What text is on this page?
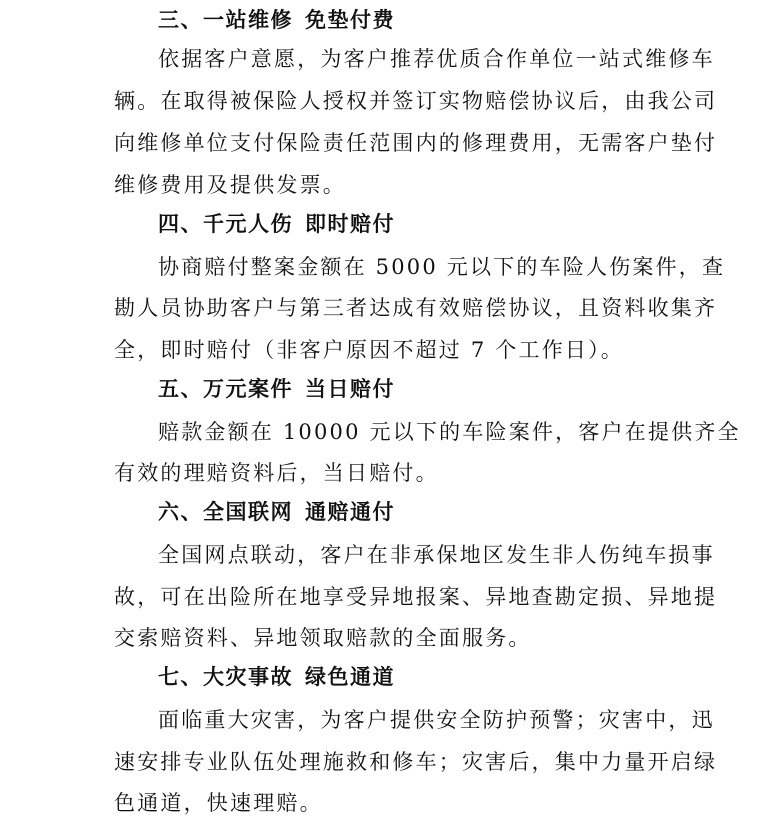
三、一站维修 免垫付费
依据客户意愿，为客户推荐优质合作单位一站式维修车
辆。在取得被保险人授权并签订实物赔偿协议后，由我公司
向维修单位支付保险责任范围内的修理费用，无需客户垫付
维修费用及提供发票。
四、千元人伤 即时赔付
协商赔付整案金额在 5000 元以下的车险人伤案件，查
勘人员协助客户与第三者达成有效赔偿协议，且资料收集齐
全，即时赔付（非客户原因不超过 7 个工作日）。
五、万元案件 当日赔付
赔款金额在 10000 元以下的车险案件，客户在提供齐全
有效的理赔资料后，当日赔付。
六、全国联网 通赔通付
全国网点联动，客户在非承保地区发生非人伤纯车损事
故，可在出险所在地享受异地报案、异地查勘定损、异地提
交索赔资料、异地领取赔款的全面服务。
七、大灾事故 绿色通道
面临重大灾害，为客户提供安全防护预警；灾害中，迅
速安排专业队伍处理施救和修车；灾害后，集中力量开启绿
色通道，快速理赔。
